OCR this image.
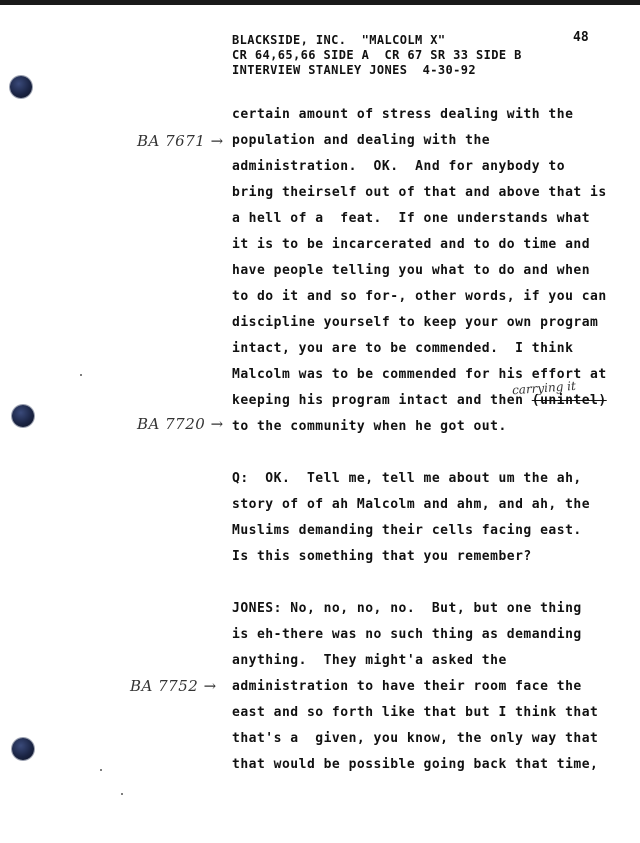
BLACKSIDE, INC.  "MALCOLM X"
CR 64,65,66 SIDE A  CR 67 SR 33 SIDE B
INTERVIEW STANLEY JONES  4-30-92
48
BA 7671 →
BA 7720 →
BA 7752 →
carrying it
certain amount of stress dealing with the
population and dealing with the
administration.  OK.  And for anybody to
bring theirself out of that and above that is
a hell of a  feat.  If one understands what
it is to be incarcerated and to do time and
have people telling you what to do and when
to do it and so for-, other words, if you can
discipline yourself to keep your own program
intact, you are to be commended.  I think
Malcolm was to be commended for his effort at
keeping his program intact and then (unintel)
to the community when he got out.
Q:  OK.  Tell me, tell me about um the ah,
story of of ah Malcolm and ahm, and ah, the
Muslims demanding their cells facing east.
Is this something that you remember?
JONES: No, no, no, no.  But, but one thing
is eh-there was no such thing as demanding
anything.  They might'a asked the
administration to have their room face the
east and so forth like that but I think that
that's a  given, you know, the only way that
that would be possible going back that time,
